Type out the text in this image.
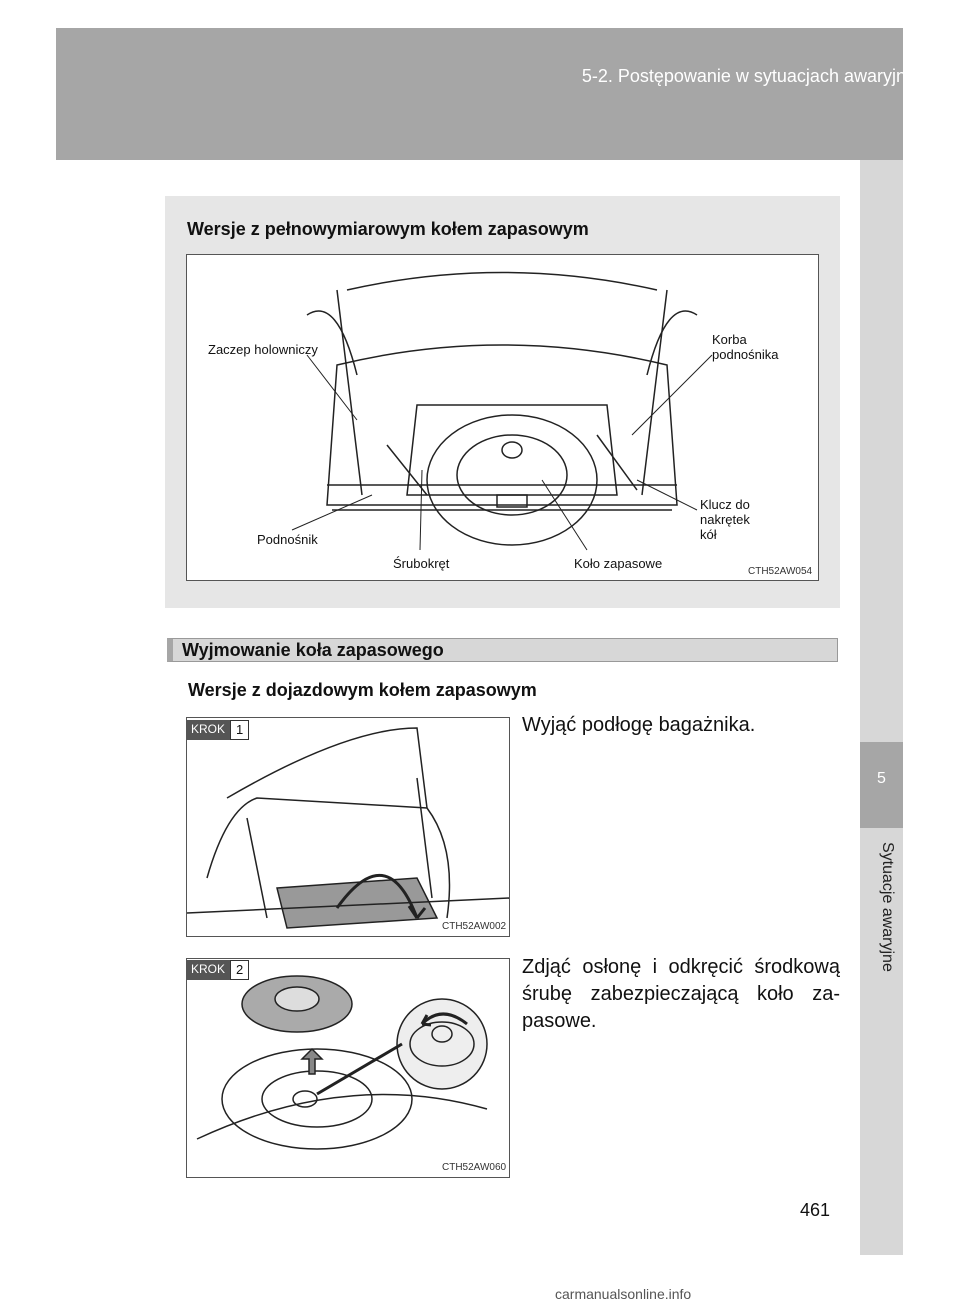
5-2. Postępowanie w sytuacjach awaryjnych
5
Sytuacje awaryjne
Wersje z pełnowymiarowym kołem zapasowym
Zaczep holowniczy
Korba
podnośnika
Klucz do
nakrętek
kół
Podnośnik
Śrubokręt	Koło zapasowe
CTH52AW054
Wyjmowanie koła zapasowego
Wersje z dojazdowym kołem zapasowym
KROK 1
CTH52AW002
Wyjąć podłogę bagażnika.
KROK 2
CTH52AW060
Zdjąć osłonę i odkręcić środkową śrubę zabezpieczającą koło za-pasowe.
461
carmanualsonline.info
